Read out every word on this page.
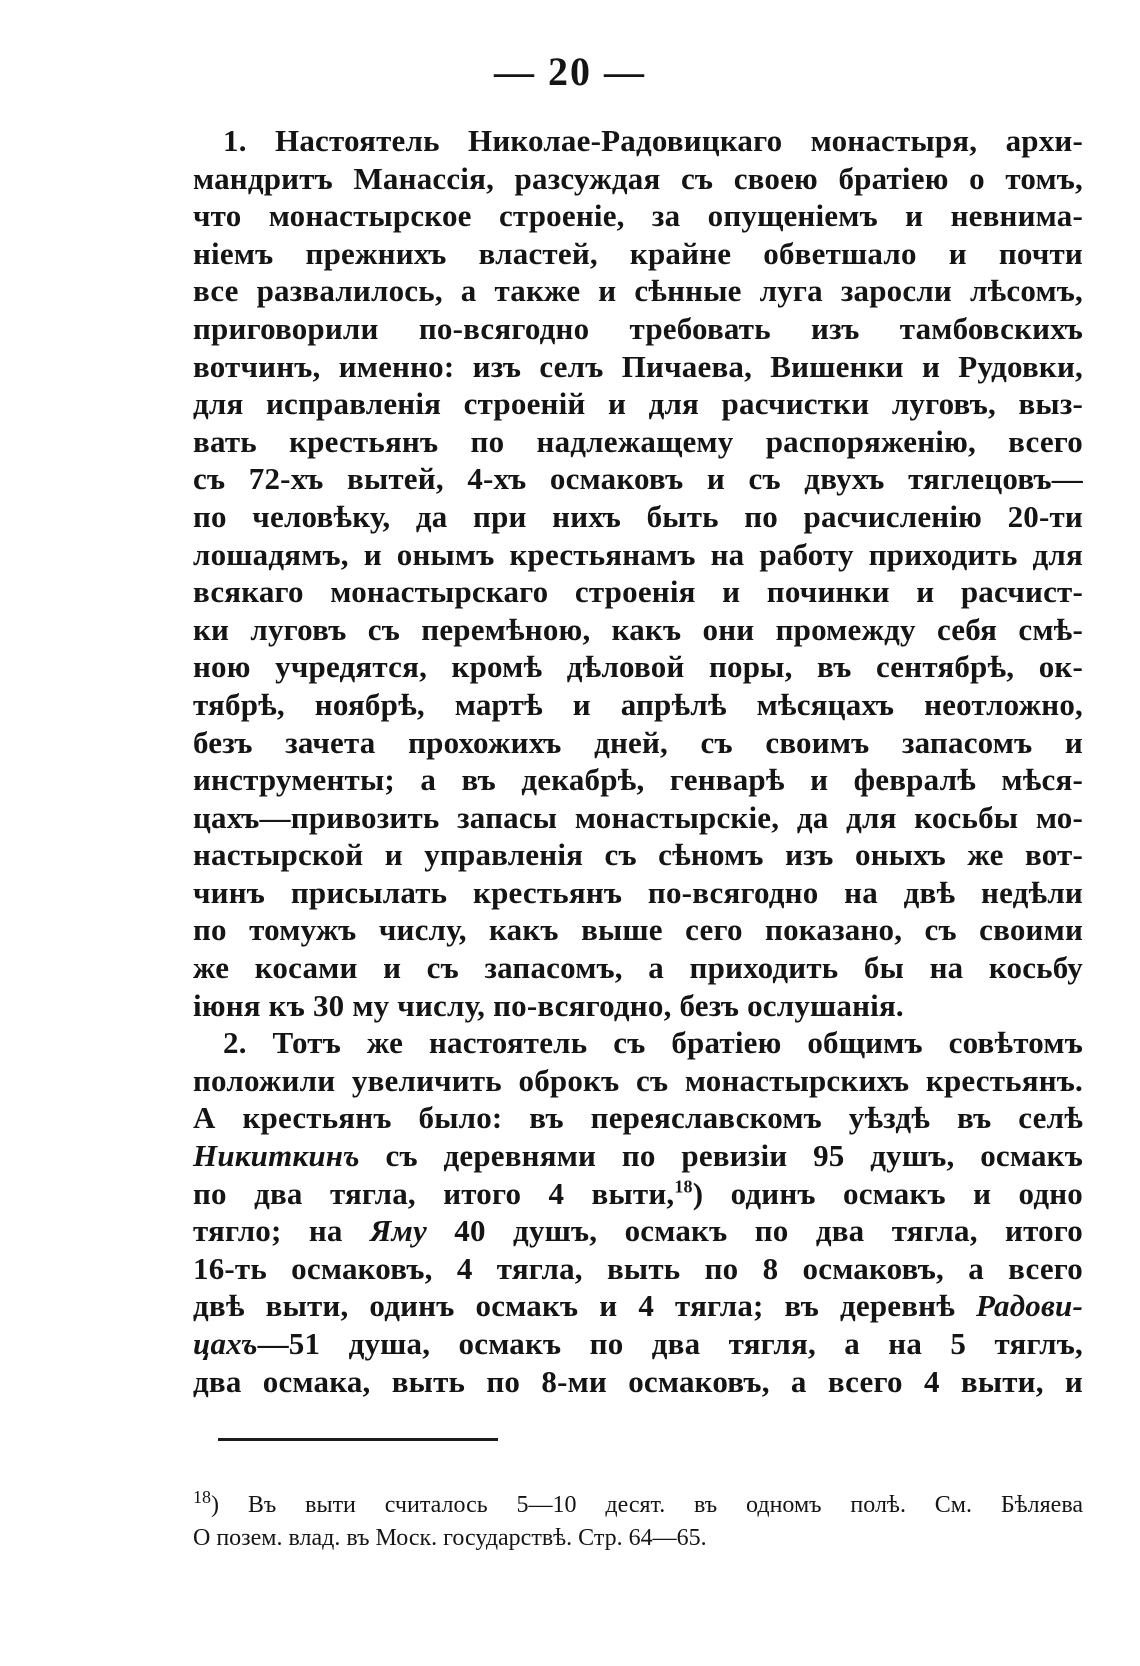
— 20 —
1. Настоятель Николае-Радовицкаго монастыря, архи-
мандритъ Манассія, разсуждая съ своею братіею о томъ,
что монастырское строеніе, за опущеніемъ и невнима-
ніемъ прежнихъ властей, крайне обветшало и почти
все развалилось, а также и сѣнные луга заросли лѣсомъ,
приговорили по-всягодно требовать изъ тамбовскихъ
вотчинъ, именно: изъ селъ Пичаева, Вишенки и Рудовки,
для исправленія строеній и для расчистки луговъ, выз-
вать крестьянъ по надлежащему распоряженію, всего
съ 72-хъ вытей, 4-хъ осмаковъ и съ двухъ тяглецовъ—
по человѣку, да при нихъ быть по расчисленію 20-ти
лошадямъ, и онымъ крестьянамъ на работу приходить для
всякаго монастырскаго строенія и починки и расчист-
ки луговъ съ перемѣною, какъ они промежду себя смѣ-
ною учредятся, кромѣ дѣловой поры, въ сентябрѣ, ок-
тябрѣ, ноябрѣ, мартѣ и апрѣлѣ мѣсяцахъ неотложно,
безъ зачета прохожихъ дней, съ своимъ запасомъ и
инструменты; а въ декабрѣ, генварѣ и февралѣ мѣся-
цахъ—привозить запасы монастырскіе, да для косьбы мо-
настырской и управленія съ сѣномъ изъ оныхъ же вот-
чинъ присылать крестьянъ по-всягодно на двѣ недѣли
по томужъ числу, какъ выше сего показано, съ своими
же косами и съ запасомъ, а приходить бы на косьбу
іюня къ 30 му числу, по-всягодно, безъ ослушанія.
2. Тотъ же настоятель съ братіею общимъ совѣтомъ
положили увеличить оброкъ съ монастырскихъ крестьянъ.
А крестьянъ было: въ переяславскомъ уѣздѣ въ селѣ
Никиткинъ съ деревнями по ревизіи 95 душъ, осмакъ
по два тягла, итого 4 выти,$^{18}$) одинъ осмакъ и одно
тягло; на Яму 40 душъ, осмакъ по два тягла, итого
16-ть осмаковъ, 4 тягла, выть по 8 осмаковъ, а всего
двѣ выти, одинъ осмакъ и 4 тягла; въ деревнѣ Радови-
цахъ—51 душа, осмакъ по два тягля, а на 5 тяглъ,
два осмака, выть по 8-ми осмаковъ, а всего 4 выти, и
$^{18}$) Въ выти считалось 5—10 десят. въ одномъ полѣ. См. Бѣляева
О позем. влад. въ Моск. государствѣ. Стр. 64—65.
